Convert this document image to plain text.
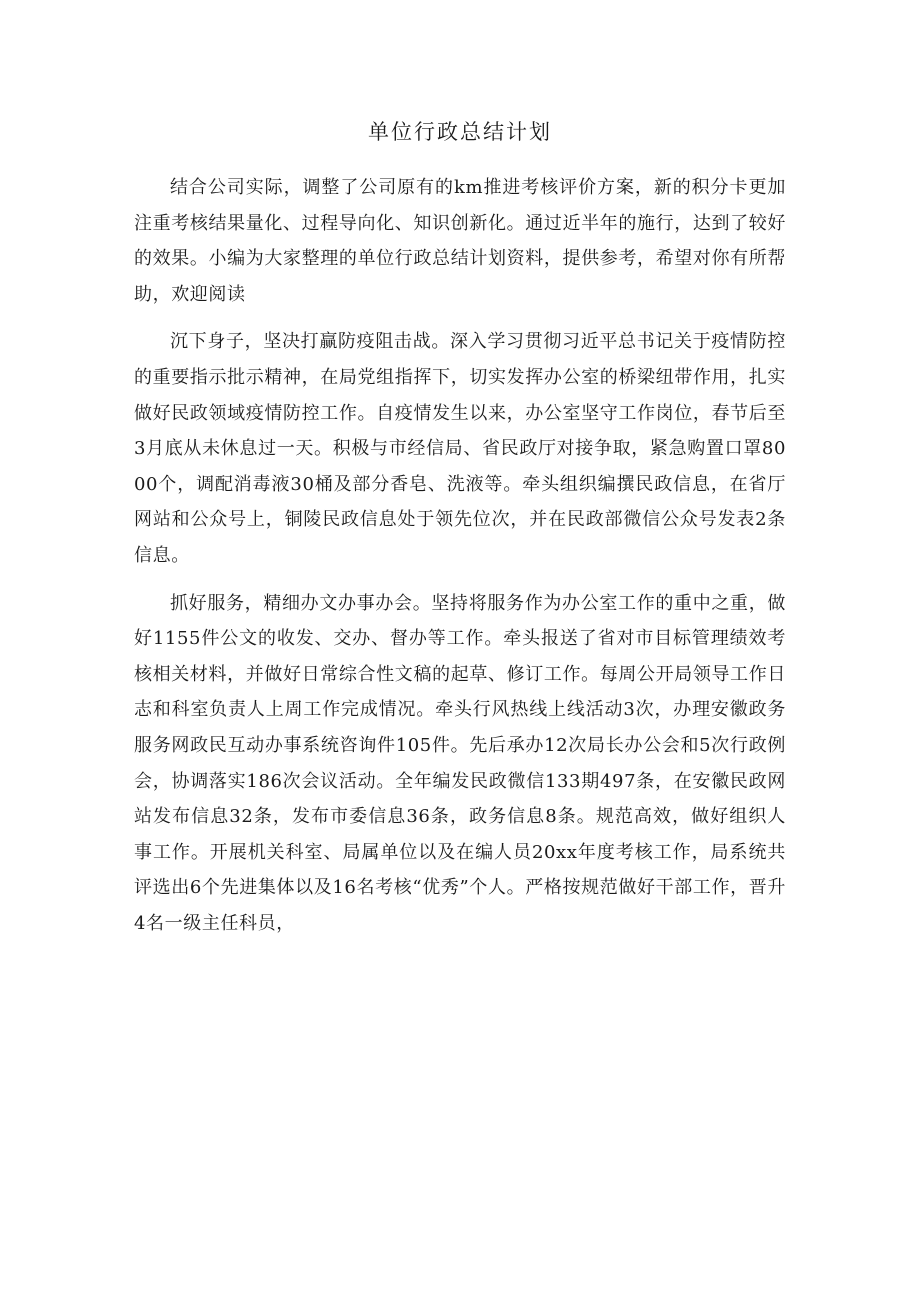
单位行政总结计划

结合公司实际，调整了公司原有的km推进考核评价方案，新的积分卡更加注重考核结果量化、过程导向化、知识创新化。通过近半年的施行，达到了较好的效果。小编为大家整理的单位行政总结计划资料，提供参考，希望对你有所帮助，欢迎阅读

沉下身子，坚决打赢防疫阻击战。深入学习贯彻习近平总书记关于疫情防控的重要指示批示精神，在局党组指挥下，切实发挥办公室的桥梁纽带作用，扎实做好民政领域疫情防控工作。自疫情发生以来，办公室坚守工作岗位，春节后至3月底从未休息过一天。积极与市经信局、省民政厅对接争取，紧急购置口罩8000个，调配消毒液30桶及部分香皂、洗液等。牵头组织编撰民政信息，在省厅网站和公众号上，铜陵民政信息处于领先位次，并在民政部微信公众号发表2条信息。

抓好服务，精细办文办事办会。坚持将服务作为办公室工作的重中之重，做好1155件公文的收发、交办、督办等工作。牵头报送了省对市目标管理绩效考核相关材料，并做好日常综合性文稿的起草、修订工作。每周公开局领导工作日志和科室负责人上周工作完成情况。牵头行风热线上线活动3次，办理安徽政务服务网政民互动办事系统咨询件105件。先后承办12次局长办公会和5次行政例会，协调落实186次会议活动。全年编发民政微信133期497条，在安徽民政网站发布信息32条，发布市委信息36条，政务信息8条。规范高效，做好组织人事工作。开展机关科室、局属单位以及在编人员20xx年度考核工作，局系统共评选出6个先进集体以及16名考核“优秀”个人。严格按规范做好干部工作，晋升4名一级主任科员，
